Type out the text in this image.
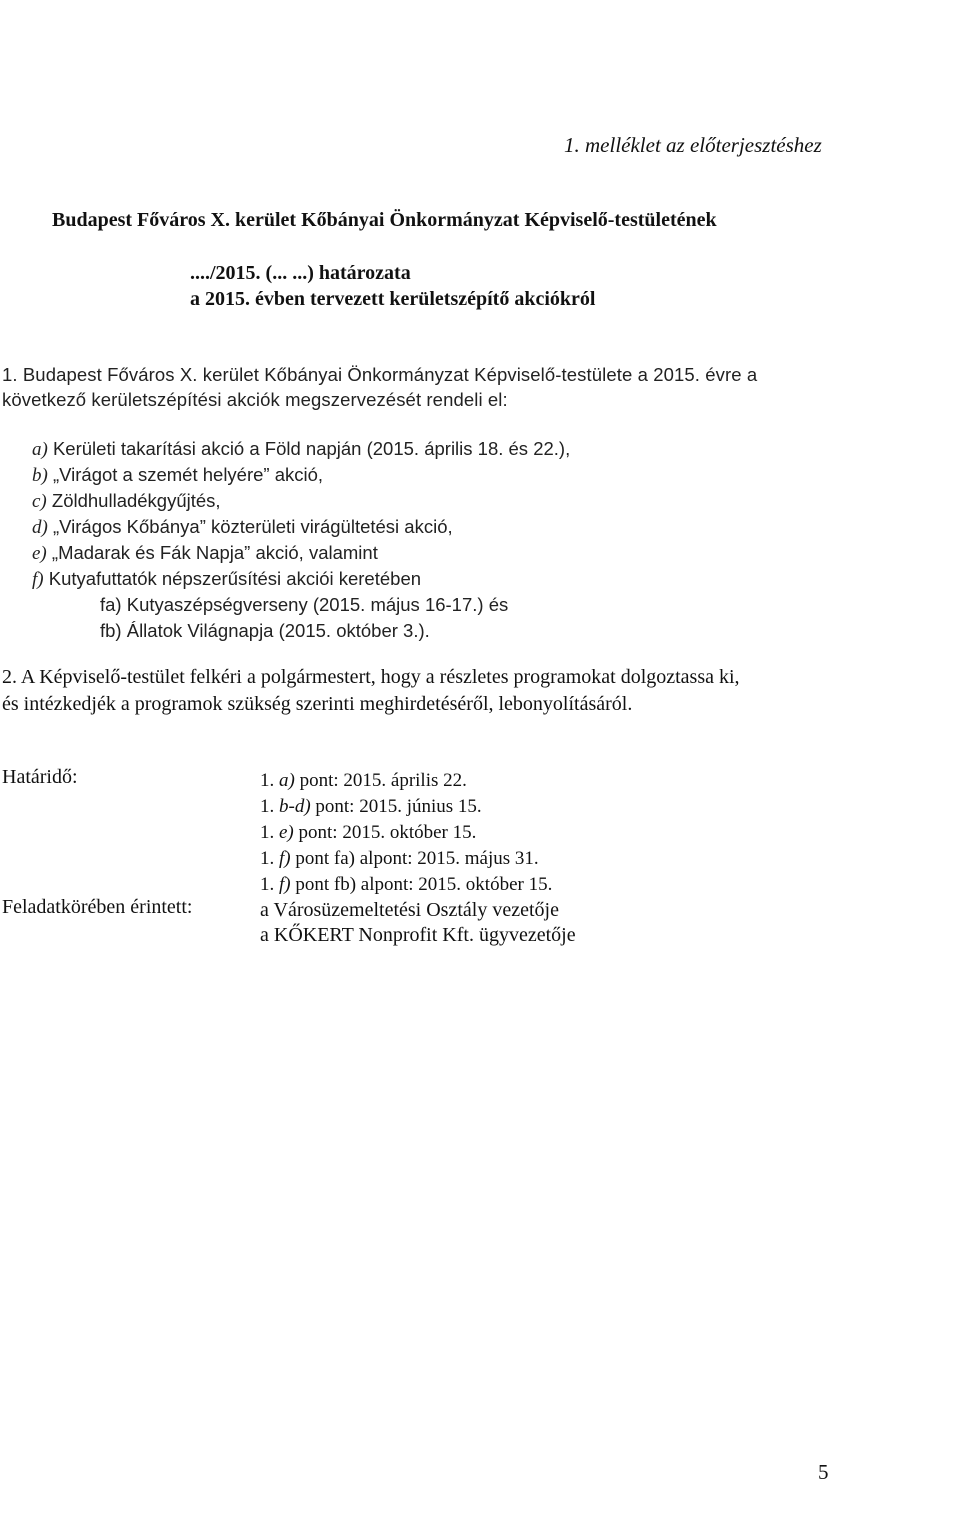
1. melléklet az előterjesztéshez
Budapest Főváros X. kerület Kőbányai Önkormányzat Képviselő-testületének
..../2015. (... ...) határozata
a 2015. évben tervezett kerületszépítő akciókról
1. Budapest Főváros X. kerület Kőbányai Önkormányzat Képviselő-testülete a 2015. évre a
következő kerületszépítési akciók megszervezését rendeli el:
a) Kerületi takarítási akció a Föld napján (2015. április 18. és 22.),
b) „Virágot a szemét helyére” akció,
c) Zöldhulladékgyűjtés,
d) „Virágos Kőbánya” közterületi virágültetési akció,
e) „Madarak és Fák Napja” akció, valamint
f) Kutyafuttatók népszerűsítési akciói keretében
fa) Kutyaszépségverseny (2015. május 16-17.) és
fb) Állatok Világnapja (2015. október 3.).
2. A Képviselő-testület felkéri a polgármestert, hogy a részletes programokat dolgoztassa ki,
és intézkedjék a programok szükség szerinti meghirdetéséről, lebonyolításáról.
Határidő:	1. a) pont: 2015. április 22.
1. b-d) pont: 2015. június 15.
1. e) pont: 2015. október 15.
1. f) pont fa) alpont: 2015. május 31.
1. f) pont fb) alpont: 2015. október 15.
Feladatkörében érintett:	a Városüzemeltetési Osztály vezetője
a KŐKERT Nonprofit Kft. ügyvezetője
5
